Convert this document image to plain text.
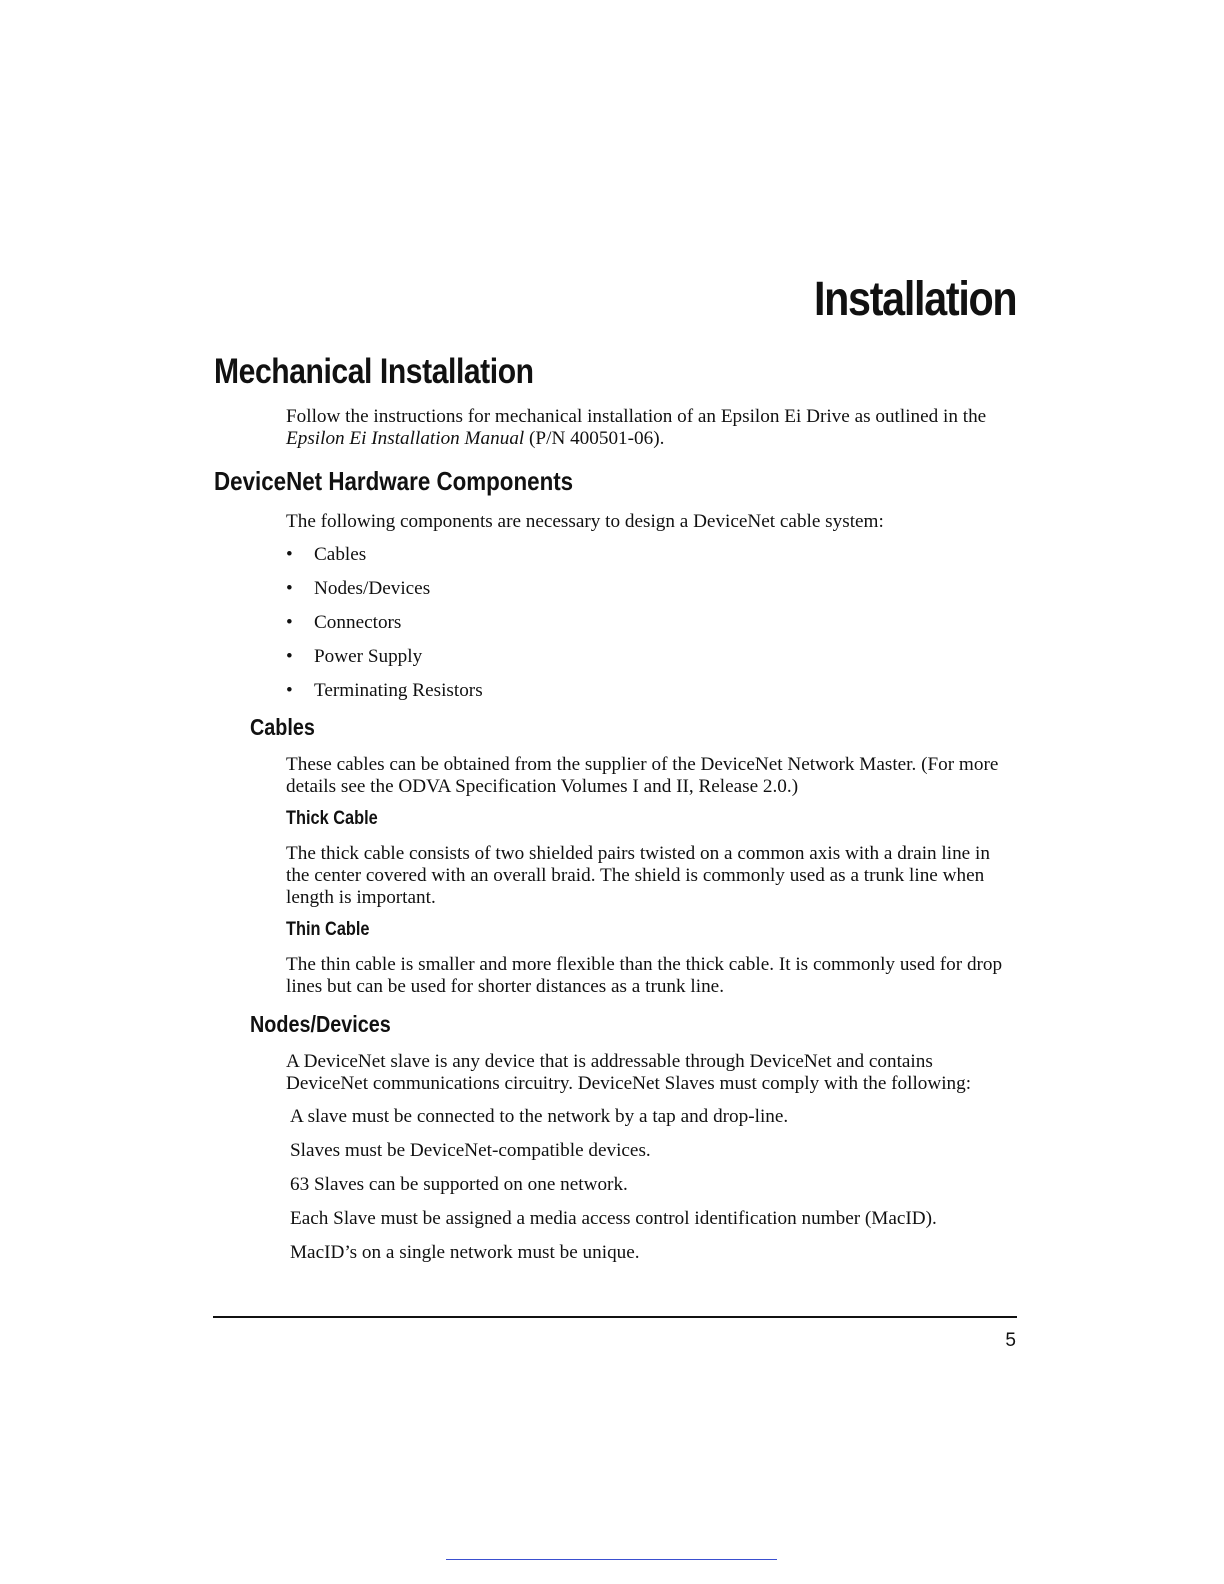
Installation
Mechanical Installation

Follow the instructions for mechanical installation of an Epsilon Ei Drive as outlined in the Epsilon Ei Installation Manual (P/N 400501-06).

DeviceNet Hardware Components

The following components are necessary to design a DeviceNet cable system:

• Cables
• Nodes/Devices
• Connectors
• Power Supply
• Terminating Resistors
Cables

These cables can be obtained from the supplier of the DeviceNet Network Master. (For more details see the ODVA Specification Volumes I and II, Release 2.0.)

Thick Cable

The thick cable consists of two shielded pairs twisted on a common axis with a drain line in the center covered with an overall braid. The shield is commonly used as a trunk line when length is important.

Thin Cable

The thin cable is smaller and more flexible than the thick cable. It is commonly used for drop lines but can be used for shorter distances as a trunk line.

Nodes/Devices

A DeviceNet slave is any device that is addressable through DeviceNet and contains DeviceNet communications circuitry. DeviceNet Slaves must comply with the following:

A slave must be connected to the network by a tap and drop-line.
Slaves must be DeviceNet-compatible devices.
63 Slaves can be supported on one network.
Each Slave must be assigned a media access control identification number (MacID).
MacID’s on a single network must be unique.

5
